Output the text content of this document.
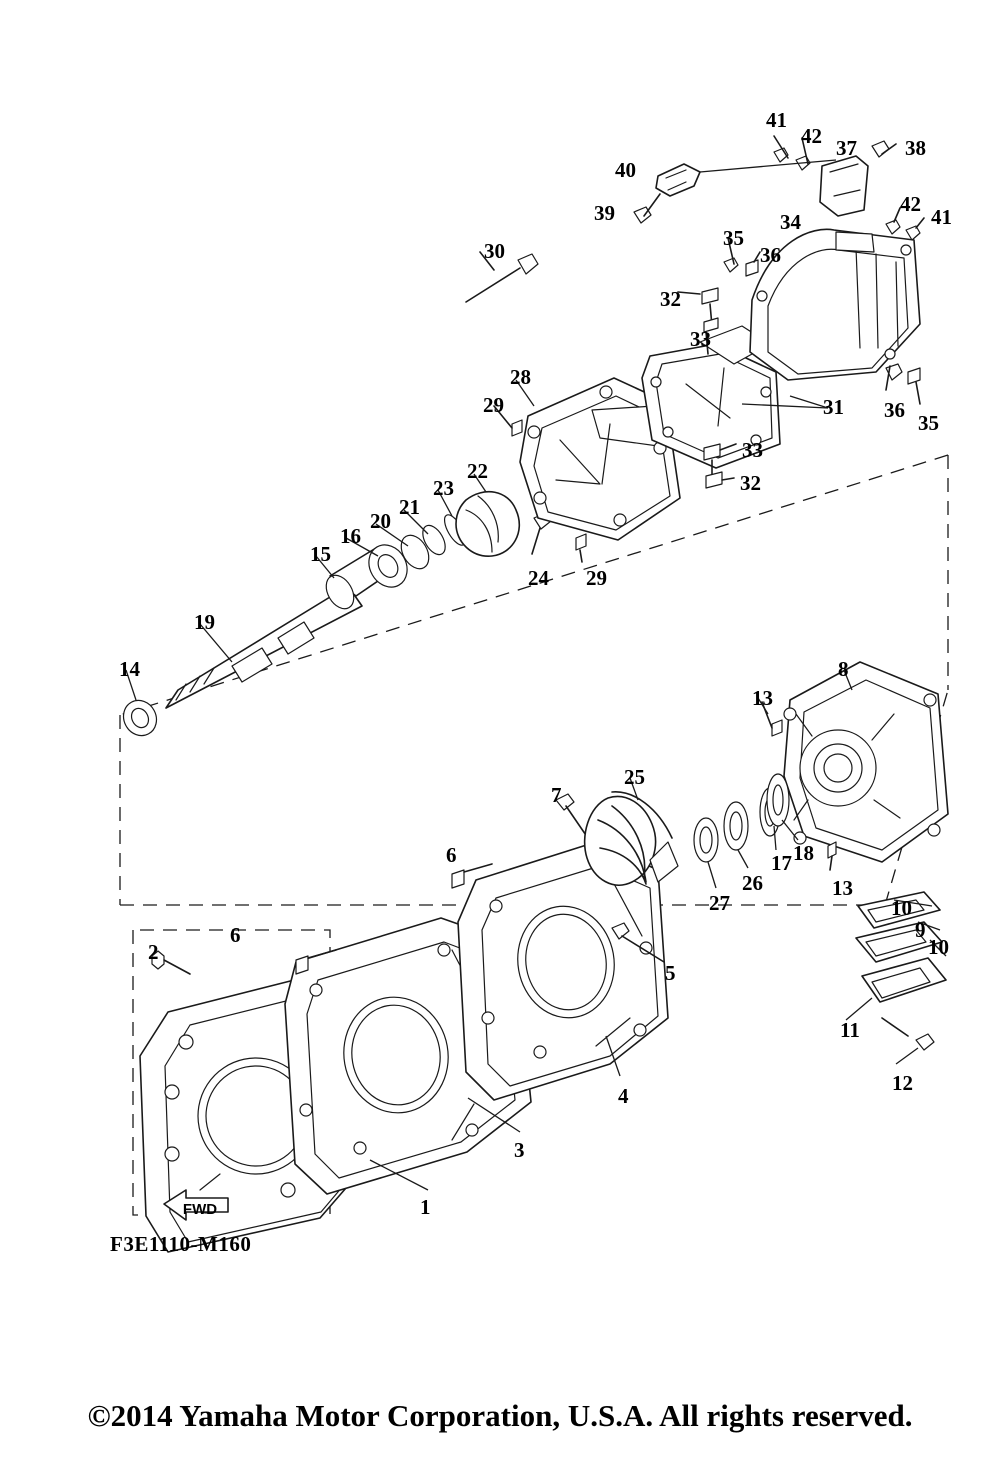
41
42 37 38
40
42
41
39	34
35
30	36
32
33
28
31 36
35
29
33
22	32
23
21
20
16
15
24 29
19
8
14
13
25
7
18
17
13
6
26
27	10
9
10
6
2
5
11
12
4
3
1
FWD
F3E1110-M160
©2014 Yamaha Motor Corporation, U.S.A. All rights reserved.
